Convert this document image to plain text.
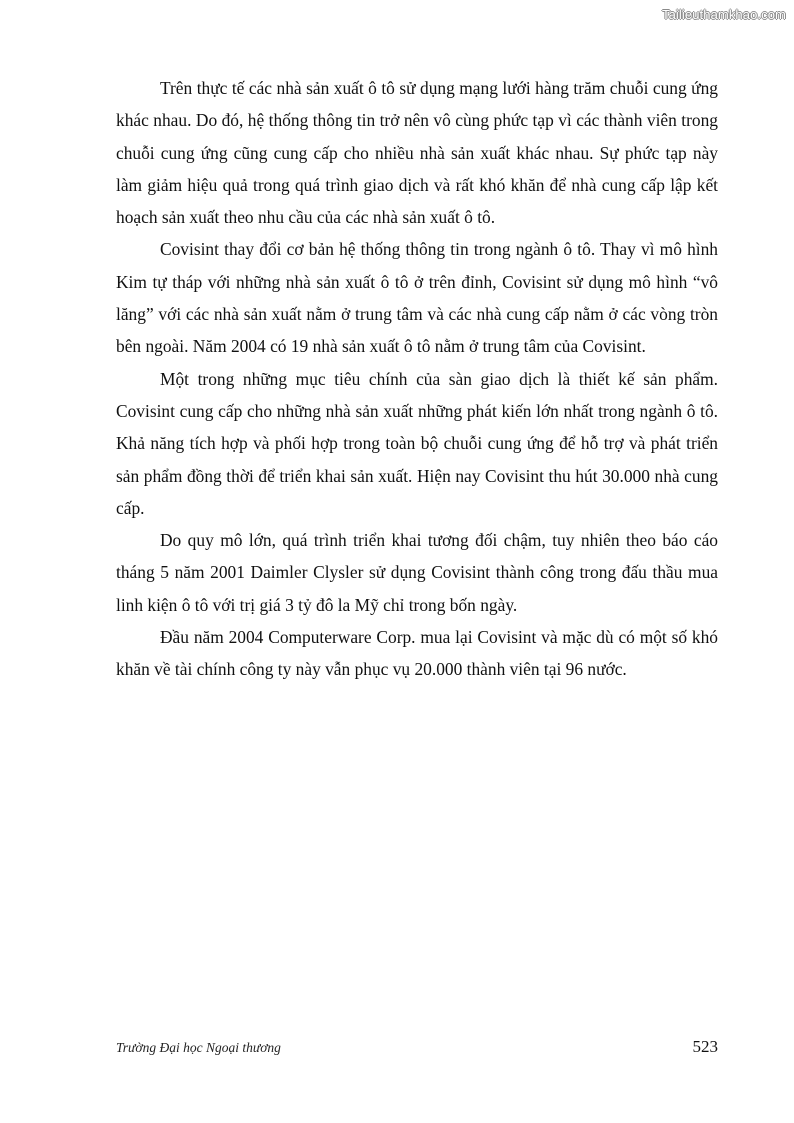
Tailieuthamkhao.com

Trên thực tế các nhà sản xuất ô tô sử dụng mạng lưới hàng trăm chuỗi cung ứng khác nhau. Do đó, hệ thống thông tin trở nên vô cùng phức tạp vì các thành viên trong chuỗi cung ứng cũng cung cấp cho nhiều nhà sản xuất khác nhau. Sự phức tạp này làm giảm hiệu quả trong quá trình giao dịch và rất khó khăn để nhà cung cấp lập kết hoạch sản xuất theo nhu cầu của các nhà sản xuất ô tô.

Covisint thay đổi cơ bản hệ thống thông tin trong ngành ô tô. Thay vì mô hình Kim tự tháp với những nhà sản xuất ô tô ở trên đỉnh, Covisint sử dụng mô hình “vô lăng” với các nhà sản xuất nằm ở trung tâm và các nhà cung cấp nằm ở các vòng tròn bên ngoài. Năm 2004 có 19 nhà sản xuất ô tô nằm ở trung tâm của Covisint.

Một trong những mục tiêu chính của sàn giao dịch là thiết kế sản phẩm. Covisint cung cấp cho những nhà sản xuất những phát kiến lớn nhất trong ngành ô tô. Khả năng tích hợp và phối hợp trong toàn bộ chuỗi cung ứng để hỗ trợ và phát triển sản phẩm đồng thời để triển khai sản xuất. Hiện nay Covisint thu hút 30.000 nhà cung cấp.

Do quy mô lớn, quá trình triển khai tương đối chậm, tuy nhiên theo báo cáo tháng 5 năm 2001 Daimler Clysler sử dụng Covisint thành công trong đấu thầu mua linh kiện ô tô với trị giá 3 tỷ đô la Mỹ chỉ trong bốn ngày.

Đầu năm 2004 Computerware Corp. mua lại Covisint và mặc dù có một số khó khăn về tài chính công ty này vẫn phục vụ 20.000 thành viên tại 96 nước.

Trường Đại học Ngoại thương	523
